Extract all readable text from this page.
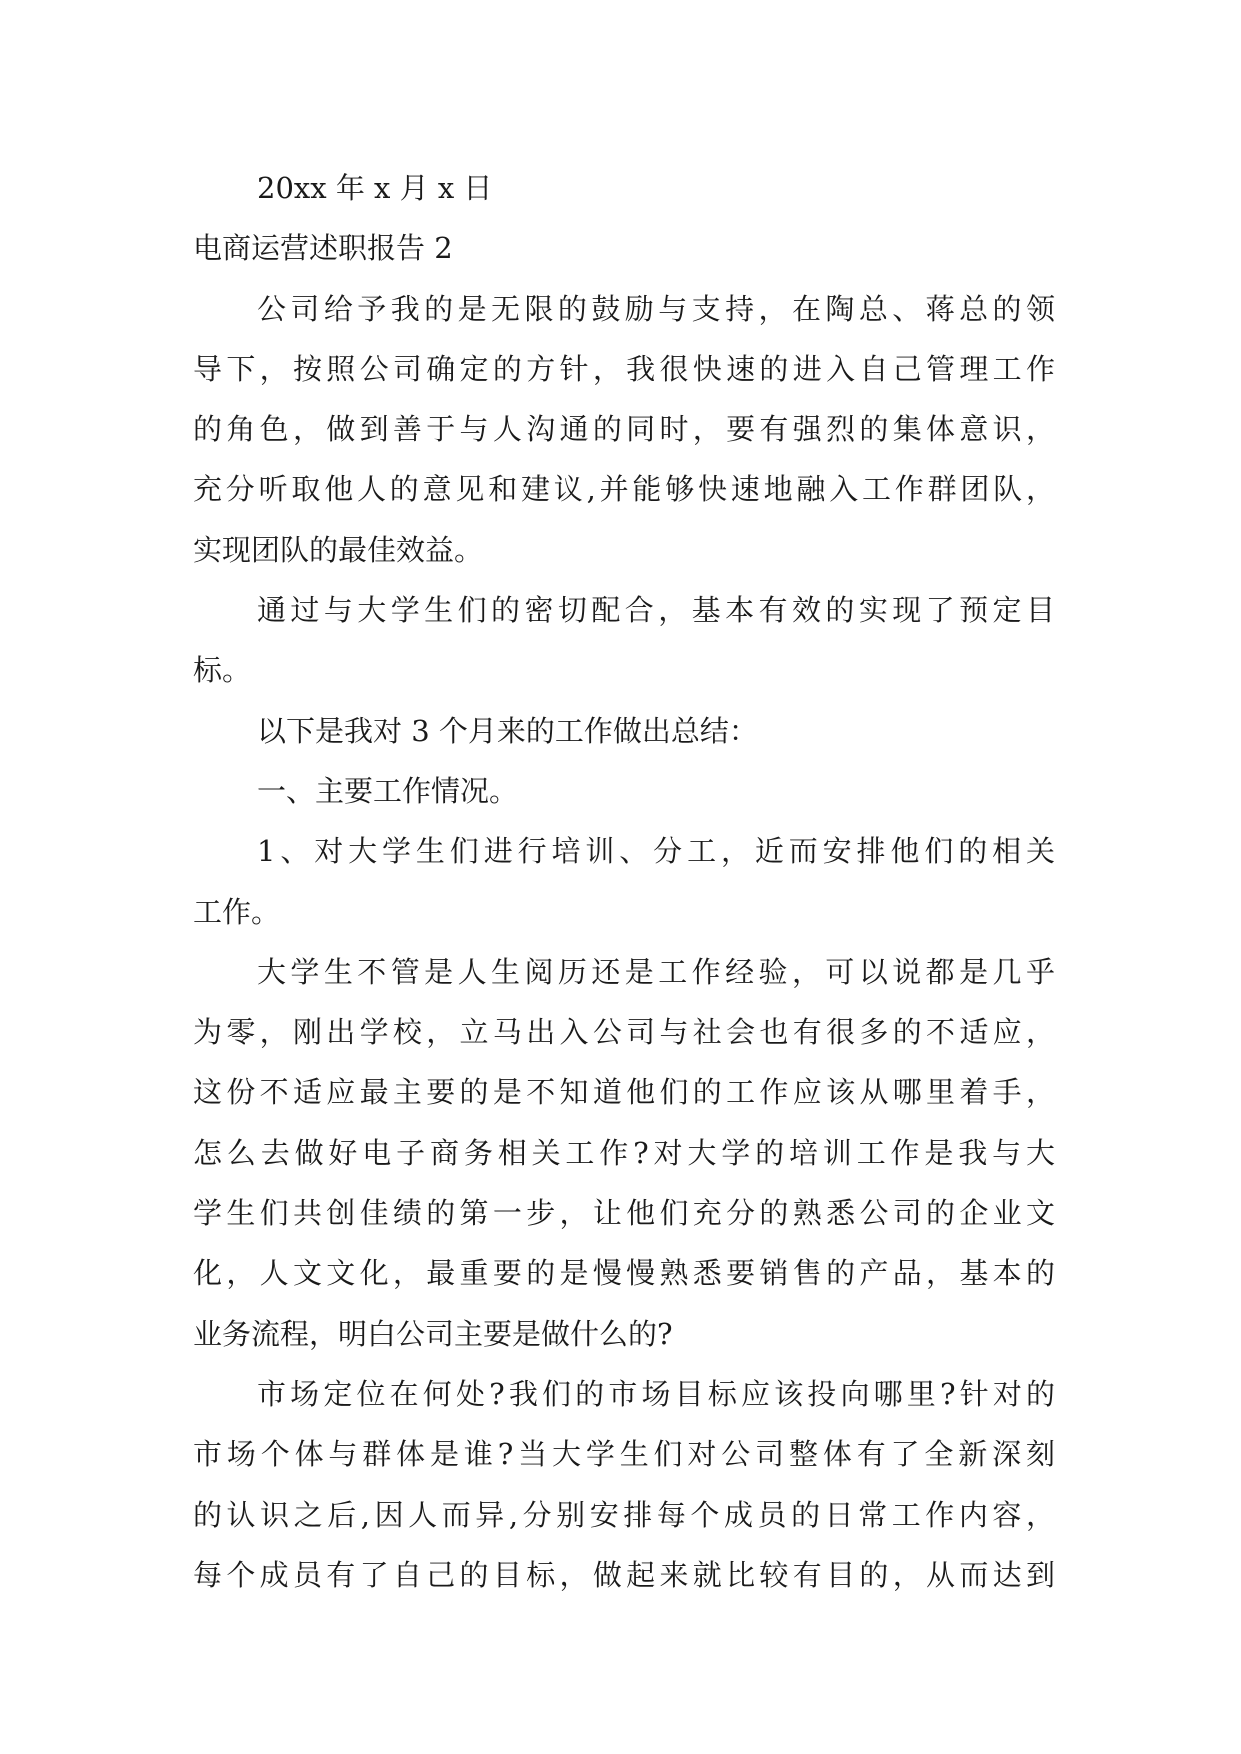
20xx 年 x 月 x 日
电商运营述职报告 2
公司给予我的是无限的鼓励与支持，在陶总、蒋总的领
导下，按照公司确定的方针，我很快速的进入自己管理工作
的角色，做到善于与人沟通的同时，要有强烈的集体意识，
充分听取他人的意见和建议,并能够快速地融入工作群团队，
实现团队的最佳效益。
通过与大学生们的密切配合，基本有效的实现了预定目
标。
以下是我对 3 个月来的工作做出总结：
一、主要工作情况。
1、对大学生们进行培训、分工，近而安排他们的相关
工作。
大学生不管是人生阅历还是工作经验，可以说都是几乎
为零，刚出学校，立马出入公司与社会也有很多的不适应，
这份不适应最主要的是不知道他们的工作应该从哪里着手，
怎么去做好电子商务相关工作?对大学的培训工作是我与大
学生们共创佳绩的第一步，让他们充分的熟悉公司的企业文
化，人文文化，最重要的是慢慢熟悉要销售的产品，基本的
业务流程，明白公司主要是做什么的?
市场定位在何处?我们的市场目标应该投向哪里?针对的
市场个体与群体是谁?当大学生们对公司整体有了全新深刻
的认识之后,因人而异,分别安排每个成员的日常工作内容，
每个成员有了自己的目标，做起来就比较有目的，从而达到
